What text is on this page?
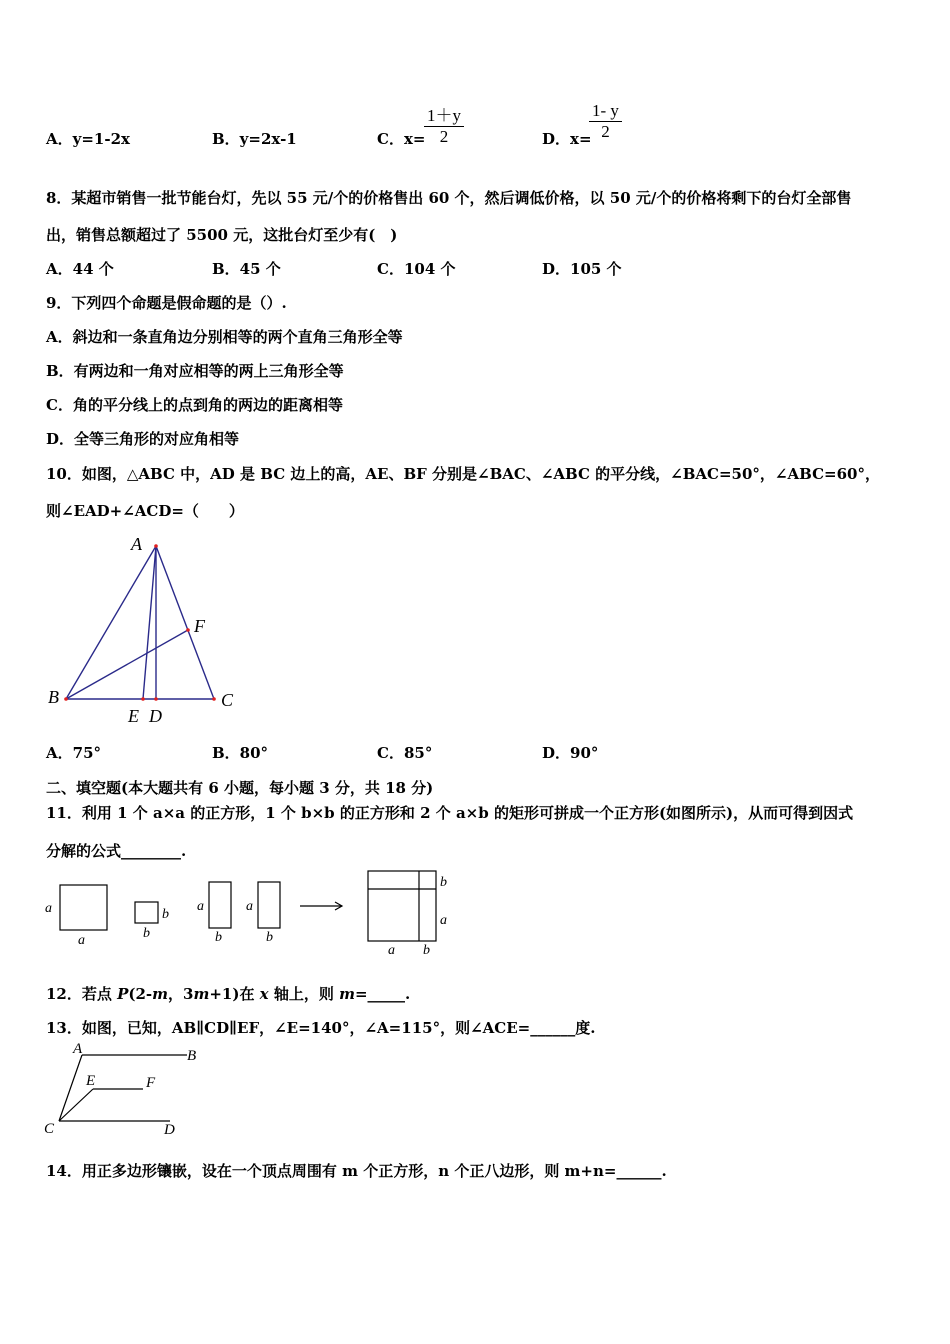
A．y=1-2x	B．y=2x-1	C．x=
1＋y
2	D．x=
1- y
2
8．某超市销售一批节能台灯，先以 55 元/个的价格售出 60 个，然后调低价格，以 50 元/个的价格将剩下的台灯全部售
出，销售总额超过了 5500 元，这批台灯至少有(　)
A．44 个	B．45 个	C．104 个	D．105 个
9．下列四个命题是假命题的是（）.
A．斜边和一条直角边分别相等的两个直角三角形全等
B．有两边和一角对应相等的两上三角形全等
C．角的平分线上的点到角的两边的距离相等
D．全等三角形的对应角相等
10．如图，△ABC 中，AD 是 BC 边上的高，AE、BF 分别是∠BAC、∠ABC 的平分线，∠BAC=50°，∠ABC=60°，
则∠EAD+∠ACD=（　　）
A
B	C
E D
F
A．75°	B．80°	C．85°	D．90°
二、填空题(本大题共有 6 小题，每小题 3 分，共 18 分)
11．利用 1 个 a×a 的正方形，1 个 b×b 的正方形和 2 个 a×b 的矩形可拼成一个正方形(如图所示)，从而可得到因式
分解的公式________.
a
a
b
b
a
b
a
b
b
a
a b
12．若点 P(2-m，3m+1)在 x 轴上，则 m=_____.
13．如图，已知，AB∥CD∥EF，∠E=140°，∠A=115°，则∠ACE=______度.
A	B
C	D
E	F
14．用正多边形镶嵌，设在一个顶点周围有 m 个正方形，n 个正八边形，则 m+n=______.
